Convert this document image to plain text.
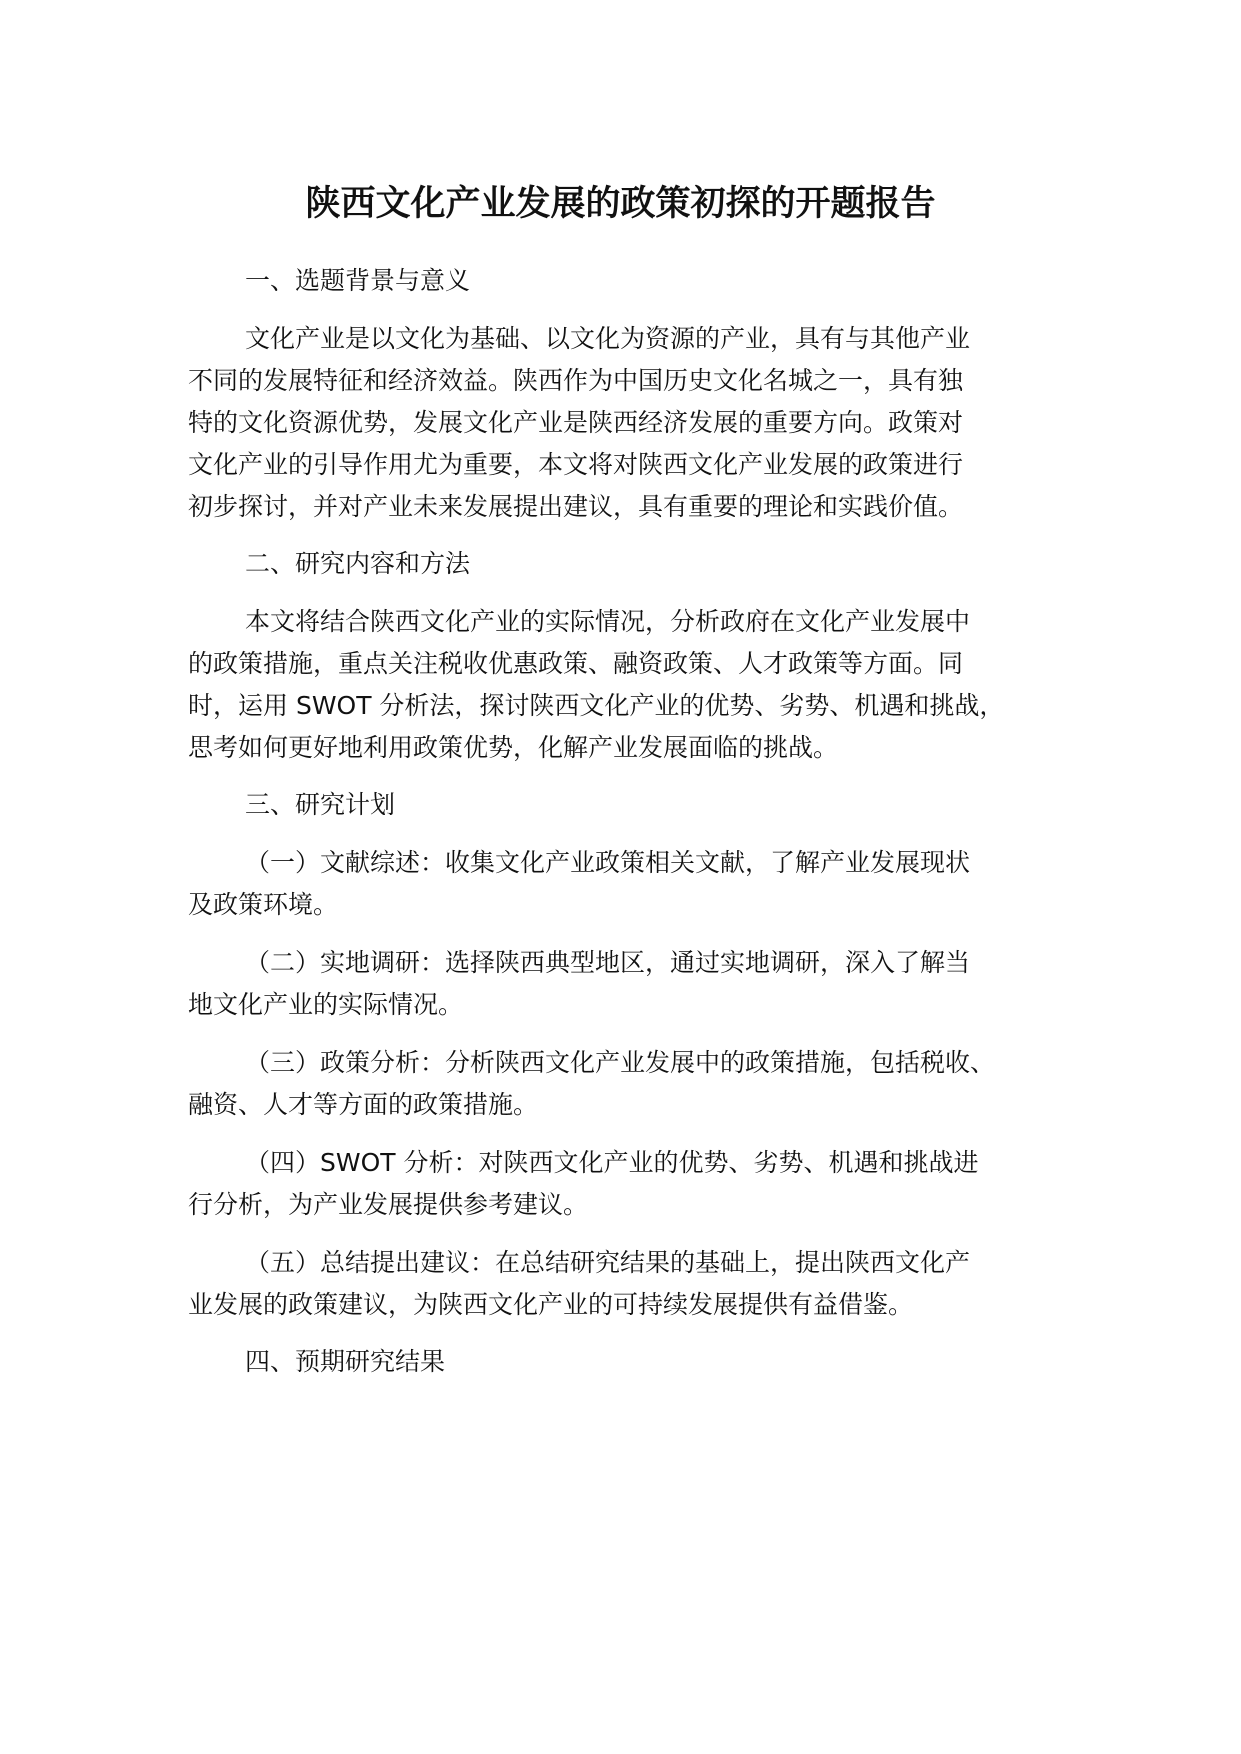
陕西文化产业发展的政策初探的开题报告

一、选题背景与意义

文化产业是以文化为基础、以文化为资源的产业，具有与其他产业

不同的发展特征和经济效益。陕西作为中国历史文化名城之一，具有独

特的文化资源优势，发展文化产业是陕西经济发展的重要方向。政策对

文化产业的引导作用尤为重要，本文将对陕西文化产业发展的政策进行

初步探讨，并对产业未来发展提出建议，具有重要的理论和实践价值。

二、研究内容和方法

本文将结合陕西文化产业的实际情况，分析政府在文化产业发展中

的政策措施，重点关注税收优惠政策、融资政策、人才政策等方面。同

时，运用 SWOT 分析法，探讨陕西文化产业的优势、劣势、机遇和挑战，

思考如何更好地利用政策优势，化解产业发展面临的挑战。

三、研究计划

（一）文献综述：收集文化产业政策相关文献，了解产业发展现状

及政策环境。

（二）实地调研：选择陕西典型地区，通过实地调研，深入了解当

地文化产业的实际情况。

（三）政策分析：分析陕西文化产业发展中的政策措施，包括税收、

融资、人才等方面的政策措施。

（四）SWOT 分析：对陕西文化产业的优势、劣势、机遇和挑战进

行分析，为产业发展提供参考建议。

（五）总结提出建议：在总结研究结果的基础上，提出陕西文化产

业发展的政策建议，为陕西文化产业的可持续发展提供有益借鉴。

四、预期研究结果
